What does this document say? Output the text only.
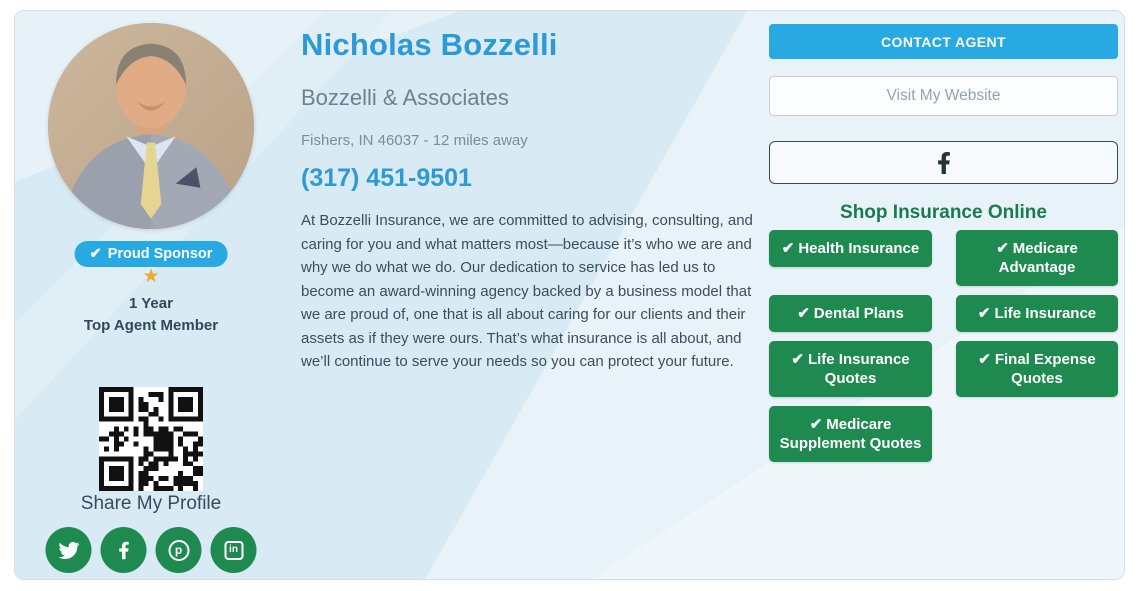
✔ Proud Sponsor
★
1 Year
Top Agent Member
Share My Profile
p	in
Nicholas Bozzelli
Bozzelli & Associates
Fishers, IN 46037 - 12 miles away
(317) 451-9501

At Bozzelli Insurance, we are committed to advising, consulting, and caring for you and what matters most—because it’s who we are and why we do what we do. Our dedication to service has led us to become an award-winning agency backed by a business model that we are proud of, one that is all about caring for our clients and their assets as if they were ours. That’s what insurance is all about, and we’ll continue to serve your needs so you can protect your future.

CONTACT AGENT
Visit My Website
Shop Insurance Online
✔ Health Insurance	✔ Medicare Advantage
✔ Dental Plans	✔ Life Insurance
✔ Life Insurance Quotes
✔ Final Expense Quotes
✔ Medicare Supplement Quotes
